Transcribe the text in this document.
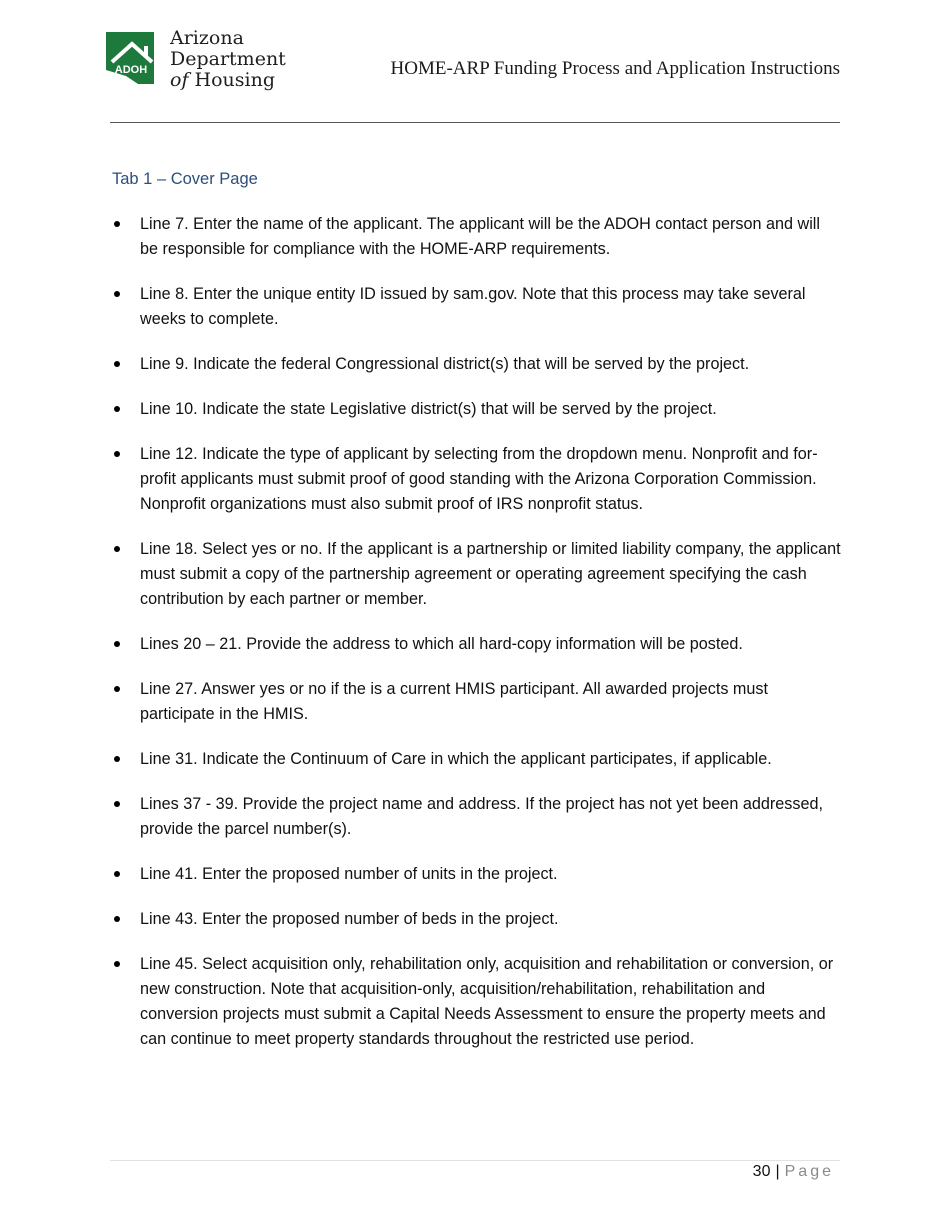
ADOH
Arizona
Department
of Housing
HOME-ARP Funding Process and Application Instructions
Tab 1 – Cover Page
Line 7. Enter the name of the applicant. The applicant will be the ADOH contact person and will be responsible for compliance with the HOME-ARP requirements.
Line 8. Enter the unique entity ID issued by sam.gov. Note that this process may take several weeks to complete.
Line 9. Indicate the federal Congressional district(s) that will be served by the project.
Line 10. Indicate the state Legislative district(s) that will be served by the project.
Line 12. Indicate the type of applicant by selecting from the dropdown menu. Nonprofit and for-profit applicants must submit proof of good standing with the Arizona Corporation Commission. Nonprofit organizations must also submit proof of IRS nonprofit status.
Line 18. Select yes or no. If the applicant is a partnership or limited liability company, the applicant must submit a copy of the partnership agreement or operating agreement specifying the cash contribution by each partner or member.
Lines 20 – 21. Provide the address to which all hard-copy information will be posted.
Line 27. Answer yes or no if the is a current HMIS participant. All awarded projects must participate in the HMIS.
Line 31. Indicate the Continuum of Care in which the applicant participates, if applicable.
Lines 37 - 39. Provide the project name and address. If the project has not yet been addressed, provide the parcel number(s).
Line 41. Enter the proposed number of units in the project.
Line 43. Enter the proposed number of beds in the project.
Line 45. Select acquisition only, rehabilitation only, acquisition and rehabilitation or conversion, or new construction. Note that acquisition-only, acquisition/rehabilitation, rehabilitation and conversion projects must submit a Capital Needs Assessment to ensure the property meets and can continue to meet property standards throughout the restricted use period.
30 | Page
